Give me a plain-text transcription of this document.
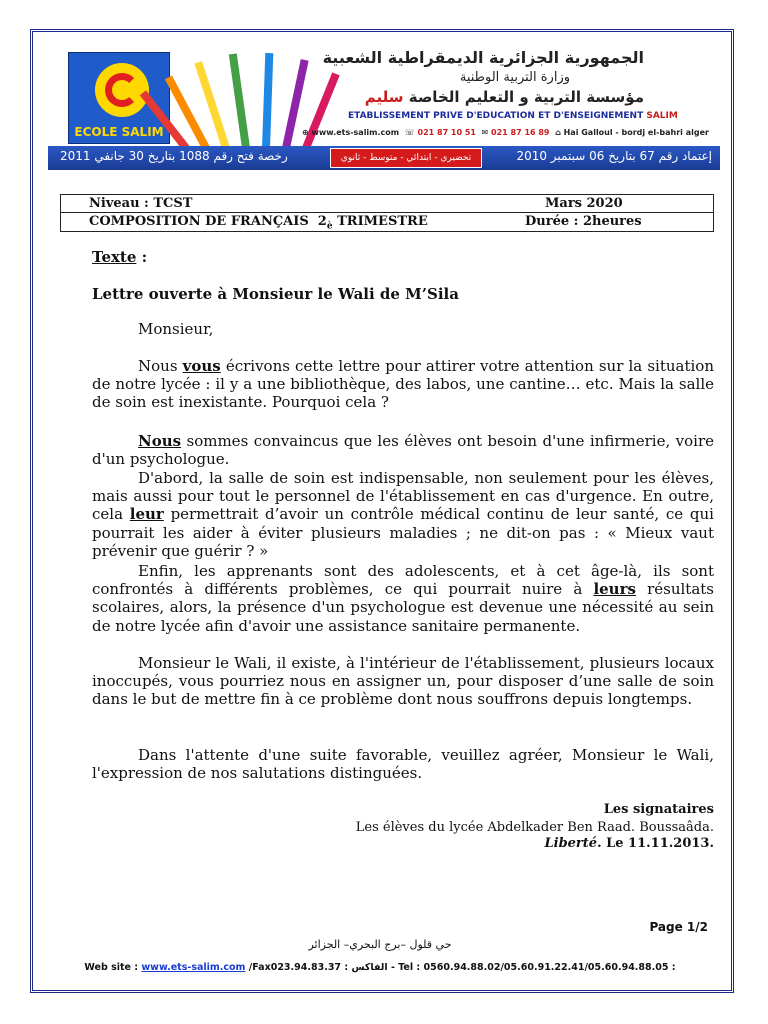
ECOLE SALIM
الجمهورية الجزائرية الديمقراطية الشعبية
وزارة التربية الوطنية
مؤسسة التربية و التعليم الخاصة سليم
ETABLISSEMENT PRIVE D'EDUCATION ET D'ENSEIGNEMENT SALIM
⊕ www.ets-salim.com ☏ 021 87 10 51 ✉ 021 87 16 89 ⌂ Hai Galloul - bordj el-bahri alger
رخصة فتح رقم 1088 بتاريخ 30 جانفي 2011	تحضيري - ابتدائي - متوسط - ثانوي	إعتماد رقم 67 بتاريخ 06 سبتمبر 2010
Niveau : TCST	Mars 2020
COMPOSITION DE FRANÇAIS $2_è$ TRIMESTRE	Durée : 2heures
Texte :
Lettre ouverte à Monsieur le Wali de M’Sila
Monsieur,
Nous vous écrivons cette lettre pour attirer votre attention sur la situation de notre lycée : il y a une bibliothèque, des labos, une cantine… etc. Mais la salle de soin est inexistante. Pourquoi cela ?
Nous sommes convaincus que les élèves ont besoin d'une infirmerie, voire d'un psychologue.
D'abord, la salle de soin est indispensable, non seulement pour les élèves, mais aussi pour tout le personnel de l'établissement en cas d'urgence. En outre, cela leur permettrait d’avoir un contrôle médical continu de leur santé, ce qui pourrait les aider à éviter plusieurs maladies ; ne dit-on pas : « Mieux vaut prévenir que guérir ? »
Enfin, les apprenants sont des adolescents, et à cet âge-là, ils sont confrontés à différents problèmes, ce qui pourrait nuire à leurs résultats scolaires, alors, la présence d'un psychologue est devenue une nécessité au sein de notre lycée afin d'avoir une assistance sanitaire permanente.
Monsieur le Wali, il existe, à l'intérieur de l'établissement, plusieurs locaux inoccupés, vous pourriez nous en assigner un, pour disposer d’une salle de soin dans le but de mettre fin à ce problème dont nous souffrons depuis longtemps.
Dans l'attente d'une suite favorable, veuillez agréer, Monsieur le Wali, l'expression de nos salutations distinguées.
Les signataires
Les élèves du lycée Abdelkader Ben Raad. Boussaâda.
Liberté. Le 11.11.2013.
Page 1/2
حي قلول –برج البحري– الجزائر
Web site : www.ets-salim.com /Fax023.94.83.37 : الفاكس - Tel : 0560.94.88.02/05.60.91.22.41/05.60.94.88.05 :
